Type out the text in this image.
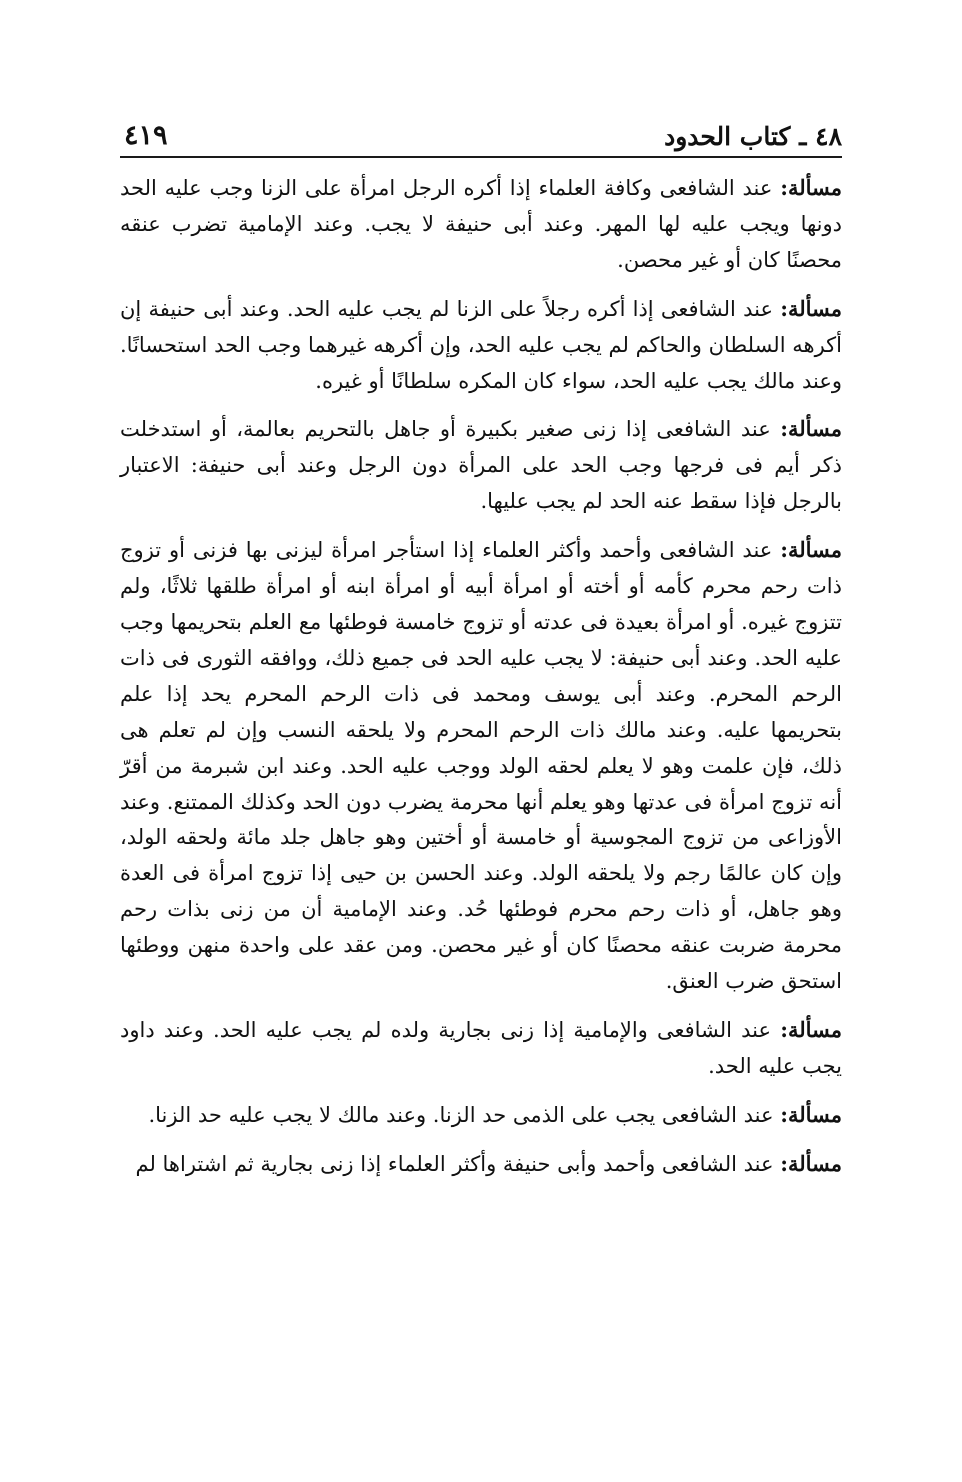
٤٨ ـ كتاب الحدود
٤١٩

مسألة: عند الشافعى وكافة العلماء إذا أكره الرجل امرأة على الزنا وجب عليه الحد دونها ويجب عليه لها المهر. وعند أبى حنيفة لا يجب. وعند الإمامية تضرب عنقه محصنًا كان أو غير محصن.

مسألة: عند الشافعى إذا أكره رجلاً على الزنا لم يجب عليه الحد. وعند أبى حنيفة إن أكرهه السلطان والحاكم لم يجب عليه الحد، وإن أكرهه غيرهما وجب الحد استحسانًا. وعند مالك يجب عليه الحد، سواء كان المكره سلطانًا أو غيره.

مسألة: عند الشافعى إذا زنى صغير بكبيرة أو جاهل بالتحريم بعالمة، أو استدخلت ذكر أيم فى فرجها وجب الحد على المرأة دون الرجل وعند أبى حنيفة: الاعتبار بالرجل فإذا سقط عنه الحد لم يجب عليها.

مسألة: عند الشافعى وأحمد وأكثر العلماء إذا استأجر امرأة ليزنى بها فزنى أو تزوج ذات رحم محرم كأمه أو أخته أو امرأة أبيه أو امرأة ابنه أو امرأة طلقها ثلاثًا، ولم تتزوج غيره. أو امرأة بعيدة فى عدته أو تزوج خامسة فوطئها مع العلم بتحريمها وجب عليه الحد. وعند أبى حنيفة: لا يجب عليه الحد فى جميع ذلك، ووافقه الثورى فى ذات الرحم المحرم. وعند أبى يوسف ومحمد فى ذات الرحم المحرم يحد إذا علم بتحريمها عليه. وعند مالك ذات الرحم المحرم ولا يلحقه النسب وإن لم تعلم هى ذلك، فإن علمت وهو لا يعلم لحقه الولد ووجب عليه الحد. وعند ابن شبرمة من أقرّ أنه تزوج امرأة فى عدتها وهو يعلم أنها محرمة يضرب دون الحد وكذلك الممتنع. وعند الأوزاعى من تزوج المجوسية أو خامسة أو أختين وهو جاهل جلد مائة ولحقه الولد، وإن كان عالمًا رجم ولا يلحقه الولد. وعند الحسن بن حيى إذا تزوج امرأة فى العدة وهو جاهل، أو ذات رحم محرم فوطئها حُد. وعند الإمامية أن من زنى بذات رحم محرمة ضربت عنقه محصنًا كان أو غير محصن. ومن عقد على واحدة منهن ووطئها استحق ضرب العنق.

مسألة: عند الشافعى والإمامية إذا زنى بجارية ولده لم يجب عليه الحد. وعند داود يجب عليه الحد.

مسألة: عند الشافعى يجب على الذمى حد الزنا. وعند مالك لا يجب عليه حد الزنا.

مسألة: عند الشافعى وأحمد وأبى حنيفة وأكثر العلماء إذا زنى بجارية ثم اشتراها لم
